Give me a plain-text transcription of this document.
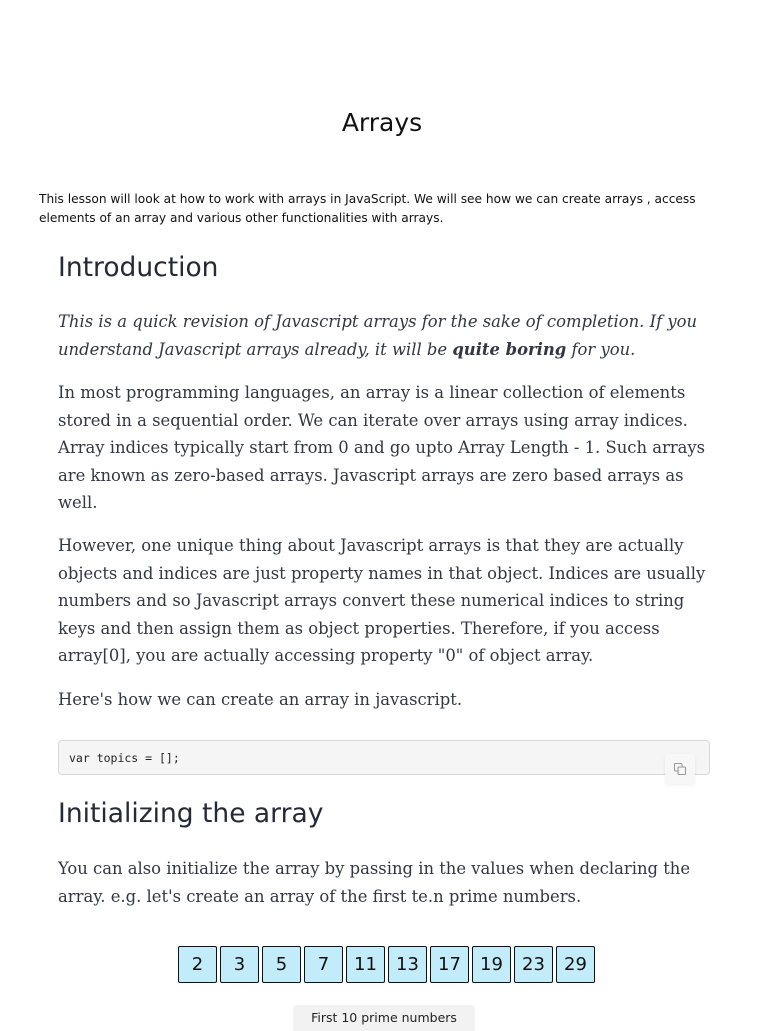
Arrays

This lesson will look at how to work with arrays in JavaScript. We will see how we can create arrays , access elements of an array and various other functionalities with arrays.

Introduction

This is a quick revision of Javascript arrays for the sake of completion. If you understand Javascript arrays already, it will be quite boring for you.

In most programming languages, an array is a linear collection of elements stored in a sequential order. We can iterate over arrays using array indices. Array indices typically start from 0 and go upto Array Length - 1. Such arrays are known as zero-based arrays. Javascript arrays are zero based arrays as well.

However, one unique thing about Javascript arrays is that they are actually objects and indices are just property names in that object. Indices are usually numbers and so Javascript arrays convert these numerical indices to string keys and then assign them as object properties. Therefore, if you access array[0], you are actually accessing property "0" of object array.

Here's how we can create an array in javascript.

var topics = [];
Initializing the array

You can also initialize the array by passing in the values when declaring the array. e.g. let's create an array of the first te.n prime numbers.

2	3	5	7	11	13	17	19	23	29
First 10 prime numbers
